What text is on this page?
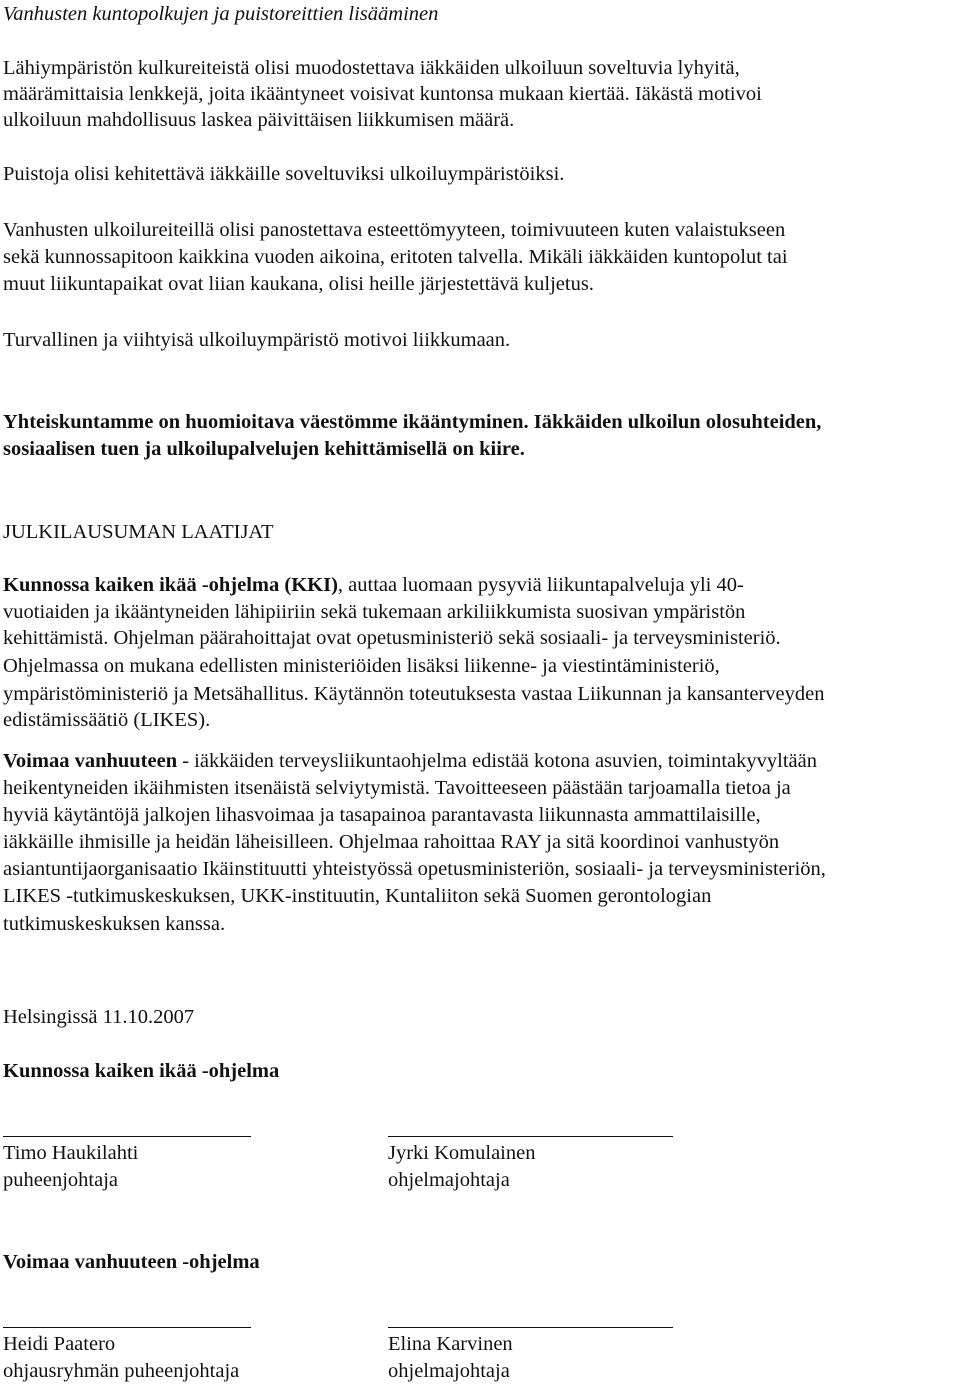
Vanhusten kuntopolkujen ja puistoreittien lisääminen
Lähiympäristön kulkureiteistä olisi muodostettava iäkkäiden ulkoiluun soveltuvia lyhyitä,
määrämittaisia lenkkejä, joita ikääntyneet voisivat kuntonsa mukaan kiertää. Iäkästä motivoi
ulkoiluun mahdollisuus laskea päivittäisen liikkumisen määrä.
Puistoja olisi kehitettävä iäkkäille soveltuviksi ulkoiluympäristöiksi.
Vanhusten ulkoilureiteillä olisi panostettava esteettömyyteen, toimivuuteen kuten valaistukseen
sekä kunnossapitoon kaikkina vuoden aikoina, eritoten talvella. Mikäli iäkkäiden kuntopolut tai
muut liikuntapaikat ovat liian kaukana, olisi heille järjestettävä kuljetus.
Turvallinen ja viihtyisä ulkoiluympäristö motivoi liikkumaan.
Yhteiskuntamme on huomioitava väestömme ikääntyminen. Iäkkäiden ulkoilun olosuhteiden,
sosiaalisen tuen ja ulkoilupalvelujen kehittämisellä on kiire.
JULKILAUSUMAN LAATIJAT
Kunnossa kaiken ikää -ohjelma (KKI), auttaa luomaan pysyviä liikuntapalveluja yli 40-
vuotiaiden ja ikääntyneiden lähipiiriin sekä tukemaan arkiliikkumista suosivan ympäristön
kehittämistä. Ohjelman päärahoittajat ovat opetusministeriö sekä sosiaali- ja terveysministeriö.
Ohjelmassa on mukana edellisten ministeriöiden lisäksi liikenne- ja viestintäministeriö,
ympäristöministeriö ja Metsähallitus. Käytännön toteutuksesta vastaa Liikunnan ja kansanterveyden
edistämissäätiö (LIKES).
Voimaa vanhuuteen - iäkkäiden terveysliikuntaohjelma edistää kotona asuvien, toimintakyvyltään
heikentyneiden ikäihmisten itsenäistä selviytymistä. Tavoitteeseen päästään tarjoamalla tietoa ja
hyviä käytäntöjä jalkojen lihasvoimaa ja tasapainoa parantavasta liikunnasta ammattilaisille,
iäkkäille ihmisille ja heidän läheisilleen. Ohjelmaa rahoittaa RAY ja sitä koordinoi vanhustyön
asiantuntijaorganisaatio Ikäinstituutti yhteistyössä opetusministeriön, sosiaali- ja terveysministeriön,
LIKES -tutkimuskeskuksen, UKK-instituutin, Kuntaliiton sekä Suomen gerontologian
tutkimuskeskuksen kanssa.
Helsingissä 11.10.2007
Kunnossa kaiken ikää -ohjelma
Timo Haukilahti
puheenjohtaja
Jyrki Komulainen
ohjelmajohtaja
Voimaa vanhuuteen -ohjelma
Heidi Paatero
ohjausryhmän puheenjohtaja
Elina Karvinen
ohjelmajohtaja
